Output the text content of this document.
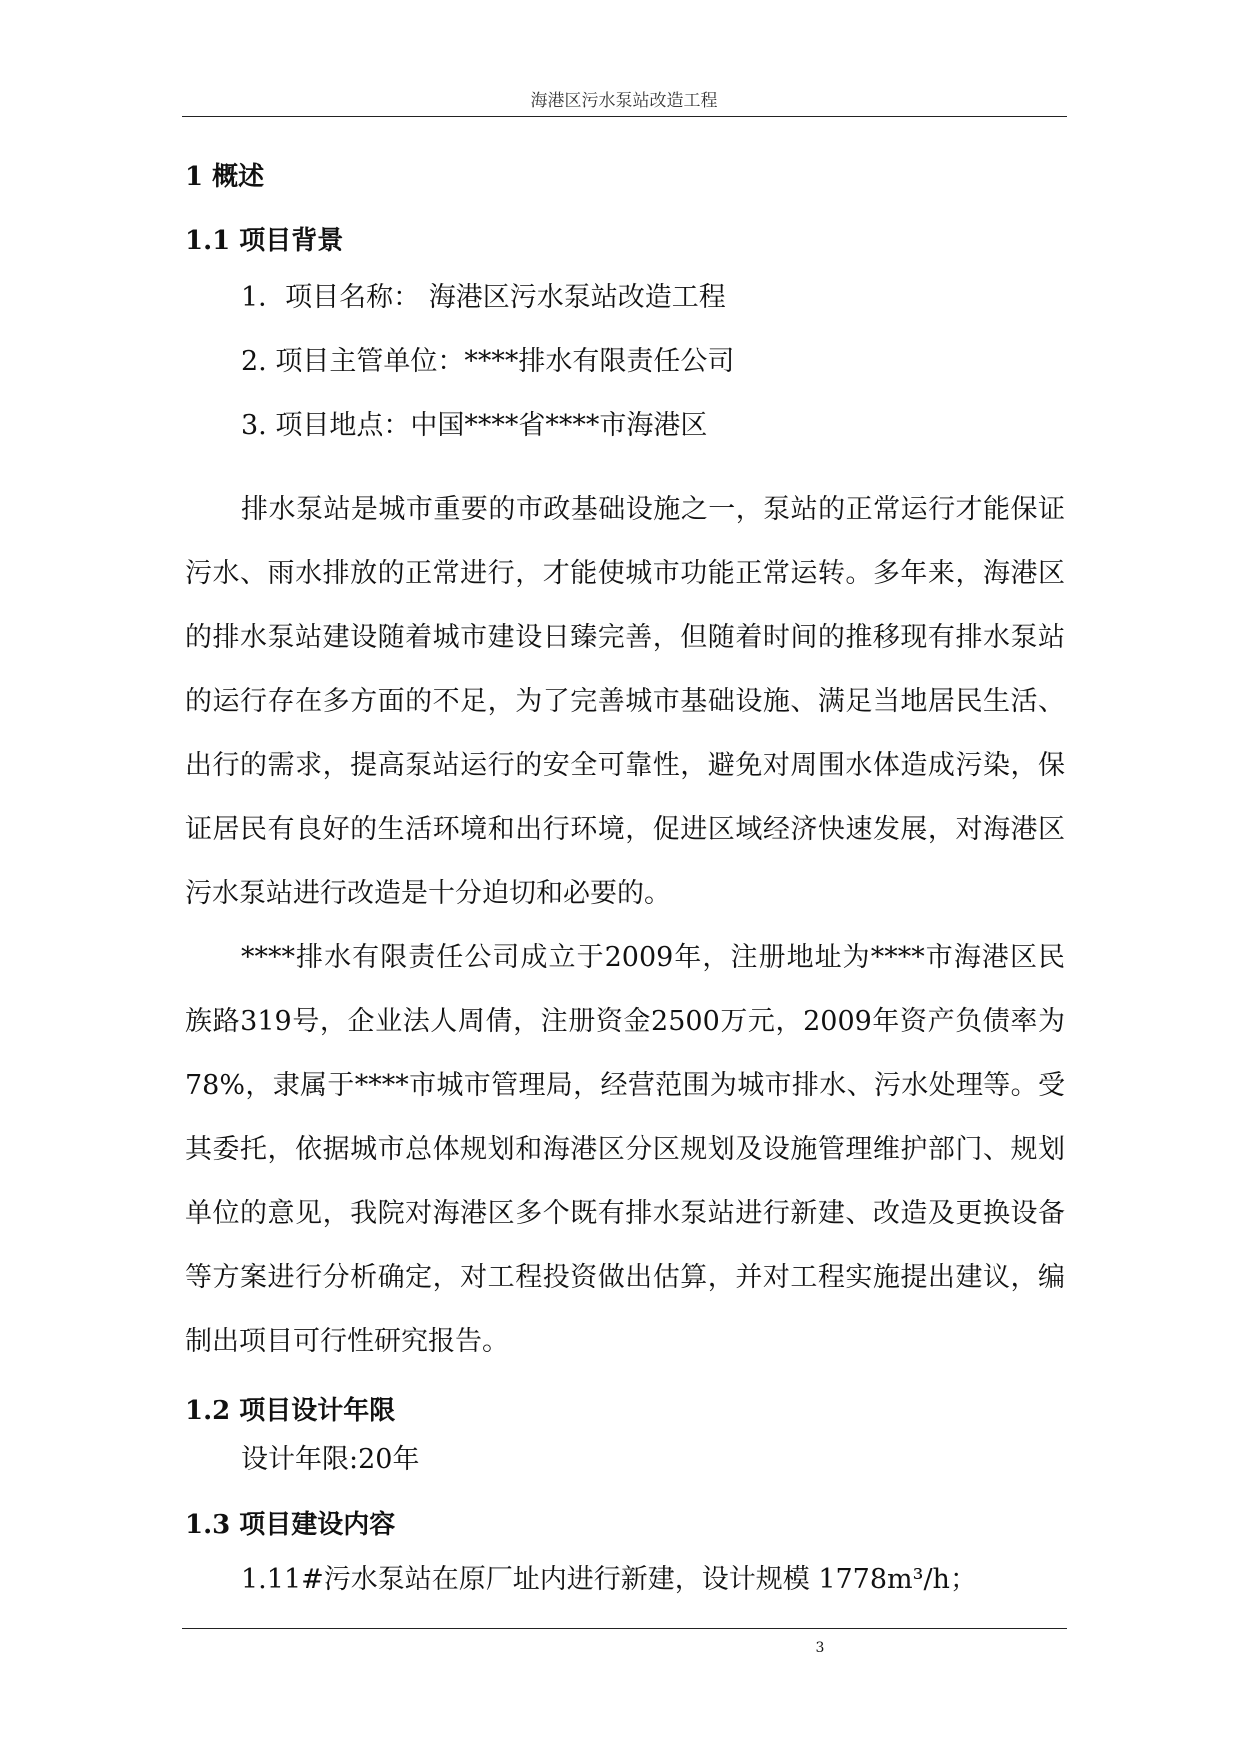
海港区污水泵站改造工程
1 概述
1.1 项目背景

1．项目名称： 海港区污水泵站改造工程

2. 项目主管单位：****排水有限责任公司

3. 项目地点：中国****省****市海港区

排水泵站是城市重要的市政基础设施之一，泵站的正常运行才能保证污水、雨水排放的正常进行，才能使城市功能正常运转。多年来，海港区的排水泵站建设随着城市建设日臻完善，但随着时间的推移现有排水泵站的运行存在多方面的不足，为了完善城市基础设施、满足当地居民生活、出行的需求，提高泵站运行的安全可靠性，避免对周围水体造成污染，保证居民有良好的生活环境和出行环境，促进区域经济快速发展，对海港区污水泵站进行改造是十分迫切和必要的。

****排水有限责任公司成立于2009年，注册地址为****市海港区民族路319号，企业法人周倩，注册资金2500万元，2009年资产负债率为78%，隶属于****市城市管理局，经营范围为城市排水、污水处理等。受其委托，依据城市总体规划和海港区分区规划及设施管理维护部门、规划单位的意见，我院对海港区多个既有排水泵站进行新建、改造及更换设备等方案进行分析确定，对工程投资做出估算，并对工程实施提出建议，编制出项目可行性研究报告。

1.2 项目设计年限

设计年限:20年

1.3 项目建设内容

1.11#污水泵站在原厂址内进行新建，设计规模 1778m³/h；

3
